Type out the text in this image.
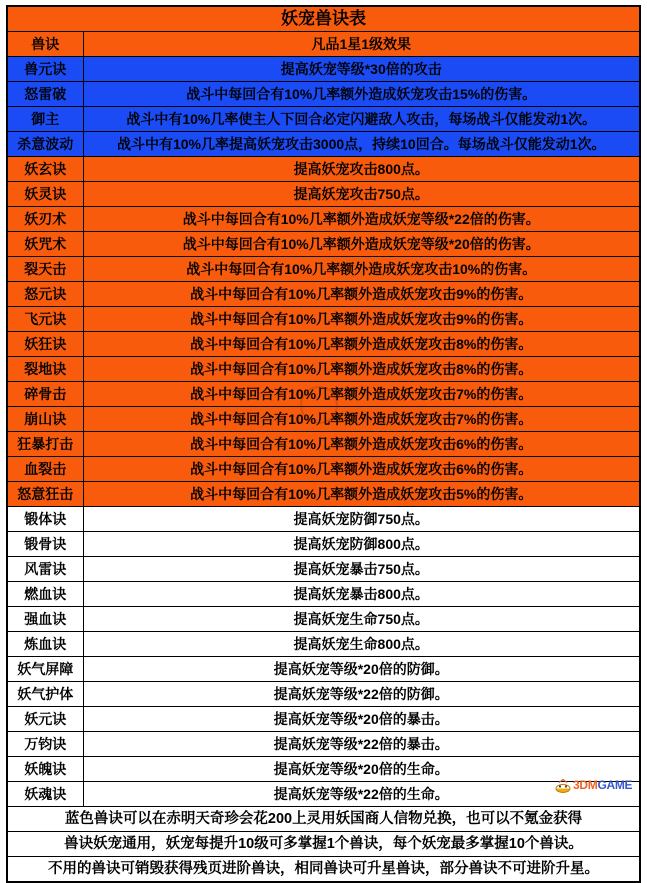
妖宠兽诀表	
兽诀	凡品1星1级效果
兽元诀	提高妖宠等级*30倍的攻击
怒雷破	战斗中每回合有10%几率额外造成妖宠攻击15%的伤害。
御主	战斗中有10%几率使主人下回合必定闪避敌人攻击，每场战斗仅能发动1次。
杀意波动	战斗中有10%几率提高妖宠攻击3000点，持续10回合。每场战斗仅能发动1次。
妖玄诀	提高妖宠攻击800点。
妖灵诀	提高妖宠攻击750点。
妖刃术	战斗中每回合有10%几率额外造成妖宠等级*22倍的伤害。
妖咒术	战斗中每回合有10%几率额外造成妖宠等级*20倍的伤害。
裂天击	战斗中每回合有10%几率额外造成妖宠攻击10%的伤害。
怒元诀	战斗中每回合有10%几率额外造成妖宠攻击9%的伤害。
飞元诀	战斗中每回合有10%几率额外造成妖宠攻击9%的伤害。
妖狂诀	战斗中每回合有10%几率额外造成妖宠攻击8%的伤害。
裂地诀	战斗中每回合有10%几率额外造成妖宠攻击8%的伤害。
碎骨击	战斗中每回合有10%几率额外造成妖宠攻击7%的伤害。
崩山诀	战斗中每回合有10%几率额外造成妖宠攻击7%的伤害。
狂暴打击	战斗中每回合有10%几率额外造成妖宠攻击6%的伤害。
血裂击	战斗中每回合有10%几率额外造成妖宠攻击6%的伤害。
怒意狂击	战斗中每回合有10%几率额外造成妖宠攻击5%的伤害。
锻体诀	提高妖宠防御750点。
锻骨诀	提高妖宠防御800点。
风雷诀	提高妖宠暴击750点。
燃血诀	提高妖宠暴击800点。
强血诀	提高妖宠生命750点。
炼血诀	提高妖宠生命800点。
妖气屏障	提高妖宠等级*20倍的防御。
妖气护体	提高妖宠等级*22倍的防御。
妖元诀	提高妖宠等级*20倍的暴击。
万钧诀	提高妖宠等级*22倍的暴击。
妖魄诀	提高妖宠等级*20倍的生命。
妖魂诀	提高妖宠等级*22倍的生命。
蓝色兽诀可以在赤明天奇珍会花200上灵用妖国商人信物兑换，也可以不氪金获得	
兽诀妖宠通用，妖宠每提升10级可多掌握1个兽诀，每个妖宠最多掌握10个兽诀。	
不用的兽诀可销毁获得残页进阶兽诀，相同兽诀可升星兽诀，部分兽诀不可进阶升星。	
3DMGAME
